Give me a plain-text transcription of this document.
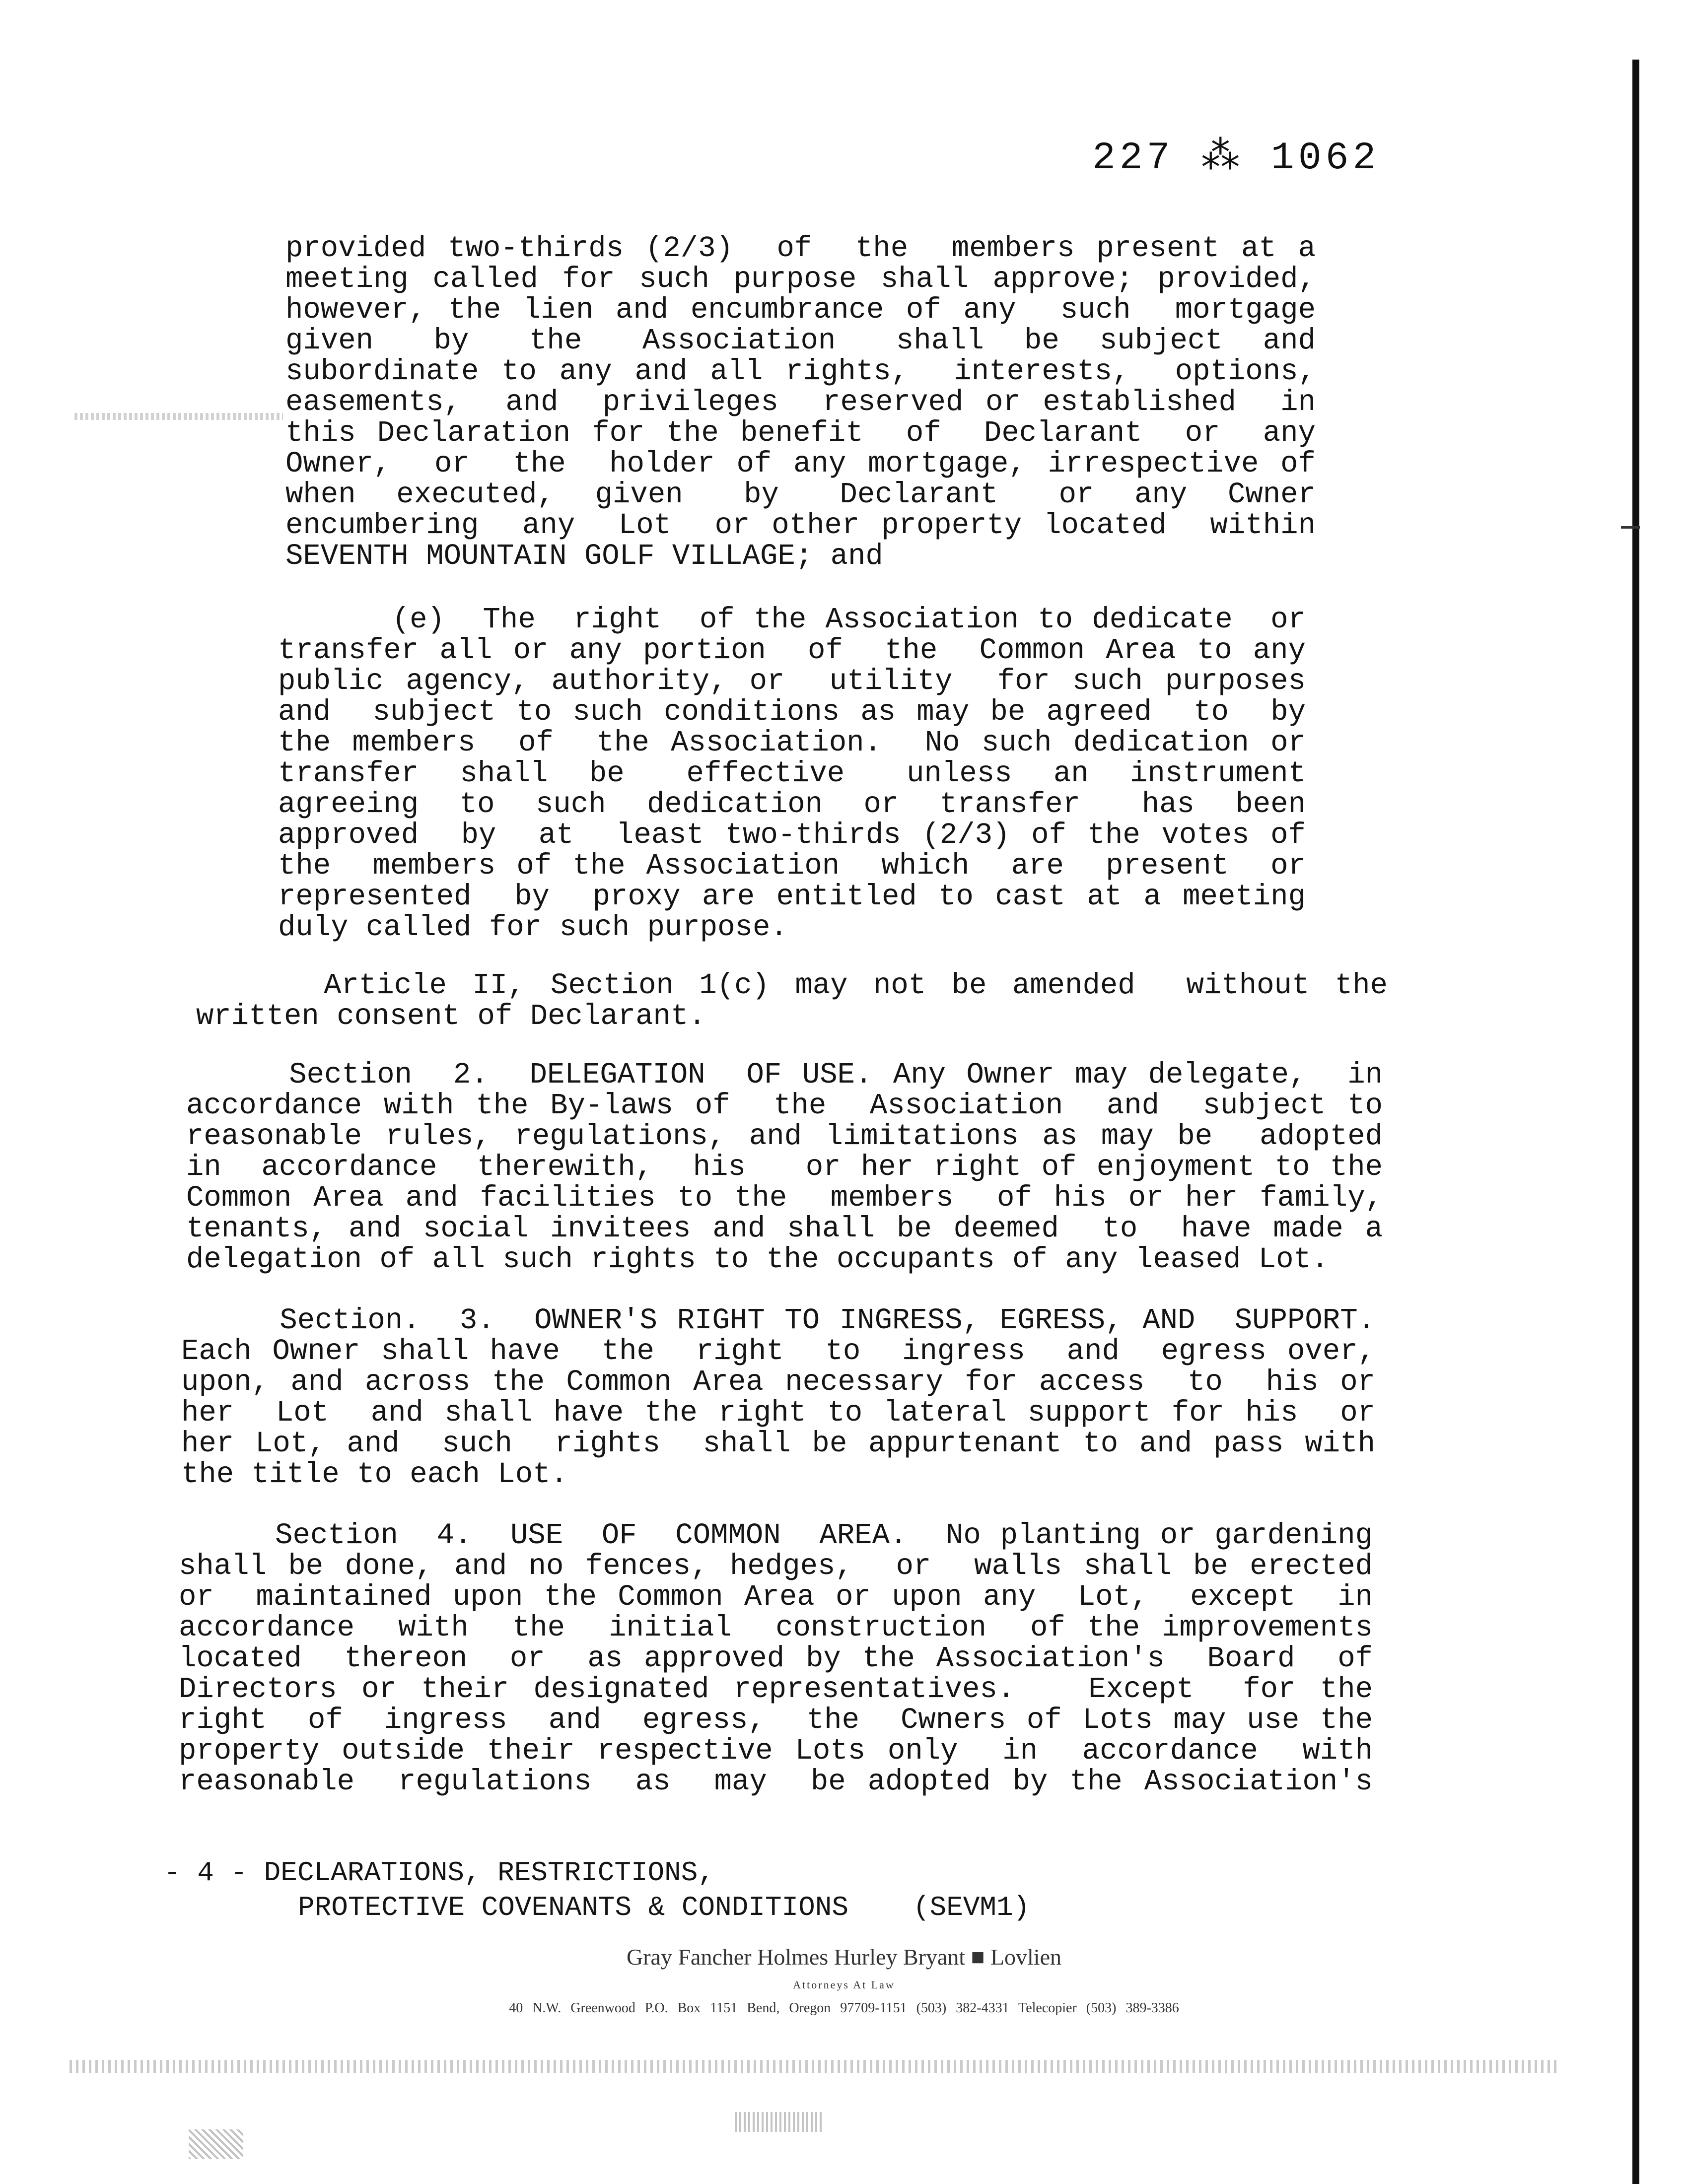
227 ⁂ 1062
provided two-thirds (2/3)  of  the  members present at a
meeting called for such purpose shall approve; provided,
however, the lien and encumbrance of any  such  mortgage
given   by   the   Association   shall  be  subject  and
subordinate to any and all rights,  interests,  options,
easements,  and  privileges  reserved or established  in
this Declaration for the benefit  of  Declarant  or  any
Owner,  or  the  holder of any mortgage, irrespective of
when  executed,  given   by   Declarant   or  any  Cwner
encumbering  any  Lot  or other property located  within
SEVENTH MOUNTAIN GOLF VILLAGE; and
(e)  The  right  of the Association to dedicate  or
transfer all or any portion  of  the  Common Area to any
public agency, authority, or  utility  for such purposes
and  subject to such conditions as may be agreed  to  by
the members  of  the Association.  No such dedication or
transfer  shall  be   effective   unless  an  instrument
agreeing  to  such  dedication  or  transfer   has  been
approved  by  at  least two-thirds (2/3) of the votes of
the  members of the Association  which  are  present  or
represented  by  proxy are entitled to cast at a meeting
duly called for such purpose.
Article II, Section 1(c) may not be amended  without the
written consent of Declarant.
Section  2.  DELEGATION  OF USE. Any Owner may delegate,  in
accordance with the By-laws of  the  Association  and  subject to
reasonable rules, regulations, and limitations as may be  adopted
in  accordance  therewith,  his   or her right of enjoyment to the
Common Area and facilities to the  members  of his or her family,
tenants, and social invitees and shall be deemed  to  have made a
delegation of all such rights to the occupants of any leased Lot.
Section.  3.  OWNER'S RIGHT TO INGRESS, EGRESS, AND  SUPPORT.
Each Owner shall have  the  right  to  ingress  and  egress over,
upon, and across the Common Area necessary for access  to  his or
her  Lot  and shall have the right to lateral support for his  or
her Lot, and  such  rights  shall be appurtenant to and pass with
the title to each Lot.
Section  4.  USE  OF  COMMON  AREA.  No planting or gardening
shall be done, and no fences, hedges,  or  walls shall be erected
or  maintained upon the Common Area or upon any  Lot,  except  in
accordance  with  the  initial  construction  of the improvements
located  thereon  or  as approved by the Association's  Board  of
Directors or their designated representatives.   Except  for the
right  of  ingress  and  egress,  the  Cwners of Lots may use the
property outside their respective Lots only  in  accordance  with
reasonable  regulations  as  may  be adopted by the Association's
- 4 - DECLARATIONS, RESTRICTIONS,
PROTECTIVE COVENANTS & CONDITIONS (SEVM1)
Gray Fancher Holmes Hurley Bryant ■ Lovlien
Attorneys At Law
40 N.W. Greenwood P.O. Box 1151 Bend, Oregon 97709-1151 (503) 382-4331 Telecopier (503) 389-3386
